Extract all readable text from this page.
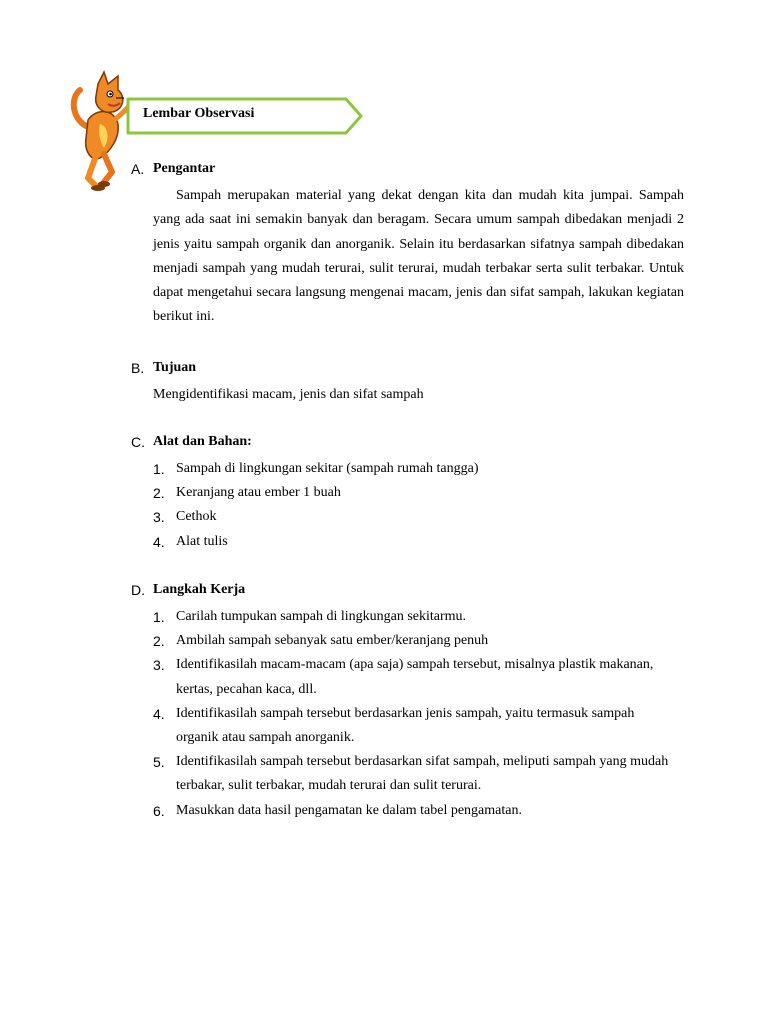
Lembar Observasi
A. Pengantar
Sampah merupakan material yang dekat dengan kita dan mudah kita jumpai. Sampah yang ada saat ini semakin banyak dan beragam. Secara umum sampah dibedakan menjadi 2 jenis yaitu sampah organik dan anorganik. Selain itu berdasarkan sifatnya sampah dibedakan menjadi sampah yang mudah terurai, sulit terurai, mudah terbakar serta sulit terbakar. Untuk dapat mengetahui secara langsung mengenai macam, jenis dan sifat sampah, lakukan kegiatan berikut ini.
B. Tujuan
Mengidentifikasi macam, jenis dan sifat sampah
C. Alat dan Bahan:
1. Sampah di lingkungan sekitar (sampah rumah tangga)
2. Keranjang atau ember 1 buah
3. Cethok
4. Alat tulis
D. Langkah Kerja
1. Carilah tumpukan sampah di lingkungan sekitarmu.
2. Ambilah sampah sebanyak satu ember/keranjang penuh
3. Identifikasilah macam-macam (apa saja) sampah tersebut, misalnya plastik makanan, kertas, pecahan kaca, dll.
4. Identifikasilah sampah tersebut berdasarkan jenis sampah, yaitu termasuk sampah organik atau sampah anorganik.
5. Identifikasilah sampah tersebut berdasarkan sifat sampah, meliputi sampah yang mudah terbakar, sulit terbakar, mudah terurai dan sulit terurai.
6. Masukkan data hasil pengamatan ke dalam tabel pengamatan.
